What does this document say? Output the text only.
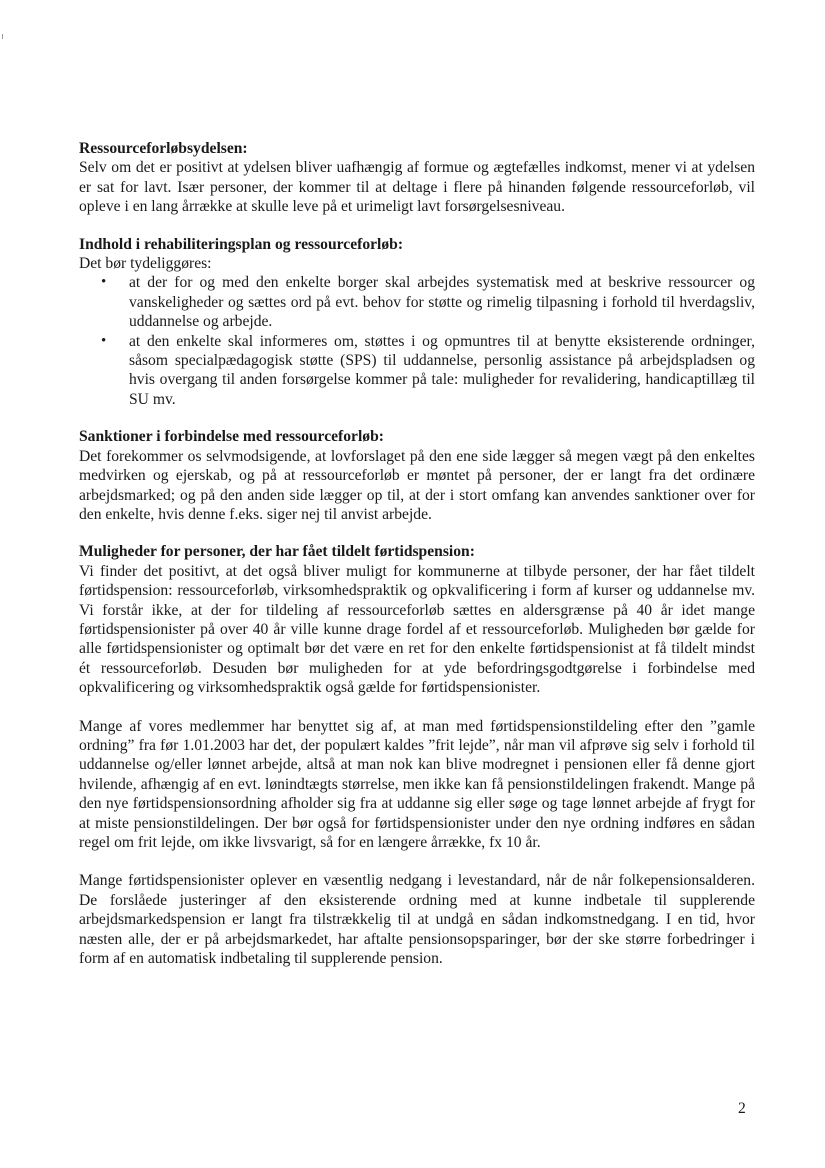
Ressourceforløbsydelsen:

Selv om det er positivt at ydelsen bliver uafhængig af formue og ægtefælles indkomst, mener vi at ydelsen er sat for lavt. Især personer, der kommer til at deltage i flere på hinanden følgende ressourceforløb, vil opleve i en lang årrække at skulle leve på et urimeligt lavt forsørgelsesniveau.

Indhold i rehabiliteringsplan og ressourceforløb:

Det bør tydeliggøres:

• at der for og med den enkelte borger skal arbejdes systematisk med at beskrive ressourcer og vanskeligheder og sættes ord på evt. behov for støtte og rimelig tilpasning i forhold til hverdagsliv, uddannelse og arbejde.
• at den enkelte skal informeres om, støttes i og opmuntres til at benytte eksisterende ordninger, såsom specialpædagogisk støtte (SPS) til uddannelse, personlig assistance på arbejdspladsen og hvis overgang til anden forsørgelse kommer på tale: muligheder for revalidering, handicaptillæg til SU mv.
Sanktioner i forbindelse med ressourceforløb:

Det forekommer os selvmodsigende, at lovforslaget på den ene side lægger så megen vægt på den enkeltes medvirken og ejerskab, og på at ressourceforløb er møntet på personer, der er langt fra det ordinære arbejdsmarked; og på den anden side lægger op til, at der i stort omfang kan anvendes sanktioner over for den enkelte, hvis denne f.eks. siger nej til anvist arbejde.

Muligheder for personer, der har fået tildelt førtidspension:

Vi finder det positivt, at det også bliver muligt for kommunerne at tilbyde personer, der har fået tildelt førtidspension: ressourceforløb, virksomhedspraktik og opkvalificering i form af kurser og uddannelse mv. Vi forstår ikke, at der for tildeling af ressourceforløb sættes en aldersgrænse på 40 år idet mange førtidspensionister på over 40 år ville kunne drage fordel af et ressourceforløb. Muligheden bør gælde for alle førtidspensionister og optimalt bør det være en ret for den enkelte førtidspensionist at få tildelt mindst ét ressourceforløb. Desuden bør muligheden for at yde befordringsgodtgørelse i forbindelse med opkvalificering og virksomhedspraktik også gælde for førtidspensionister.

Mange af vores medlemmer har benyttet sig af, at man med førtidspensionstildeling efter den ”gamle ordning” fra før 1.01.2003 har det, der populært kaldes ”frit lejde”, når man vil afprøve sig selv i forhold til uddannelse og/eller lønnet arbejde, altså at man nok kan blive modregnet i pensionen eller få denne gjort hvilende, afhængig af en evt. lønindtægts størrelse, men ikke kan få pensionstildelingen frakendt. Mange på den nye førtidspensionsordning afholder sig fra at uddanne sig eller søge og tage lønnet arbejde af frygt for at miste pensionstildelingen. Der bør også for førtidspensionister under den nye ordning indføres en sådan regel om frit lejde, om ikke livsvarigt, så for en længere årrække, fx 10 år.

Mange førtidspensionister oplever en væsentlig nedgang i levestandard, når de når folkepensionsalderen. De forslåede justeringer af den eksisterende ordning med at kunne indbetale til supplerende arbejdsmarkedspension er langt fra tilstrækkelig til at undgå en sådan indkomstnedgang. I en tid, hvor næsten alle, der er på arbejdsmarkedet, har aftalte pensionsopsparinger, bør der ske større forbedringer i form af en automatisk indbetaling til supplerende pension.

2
